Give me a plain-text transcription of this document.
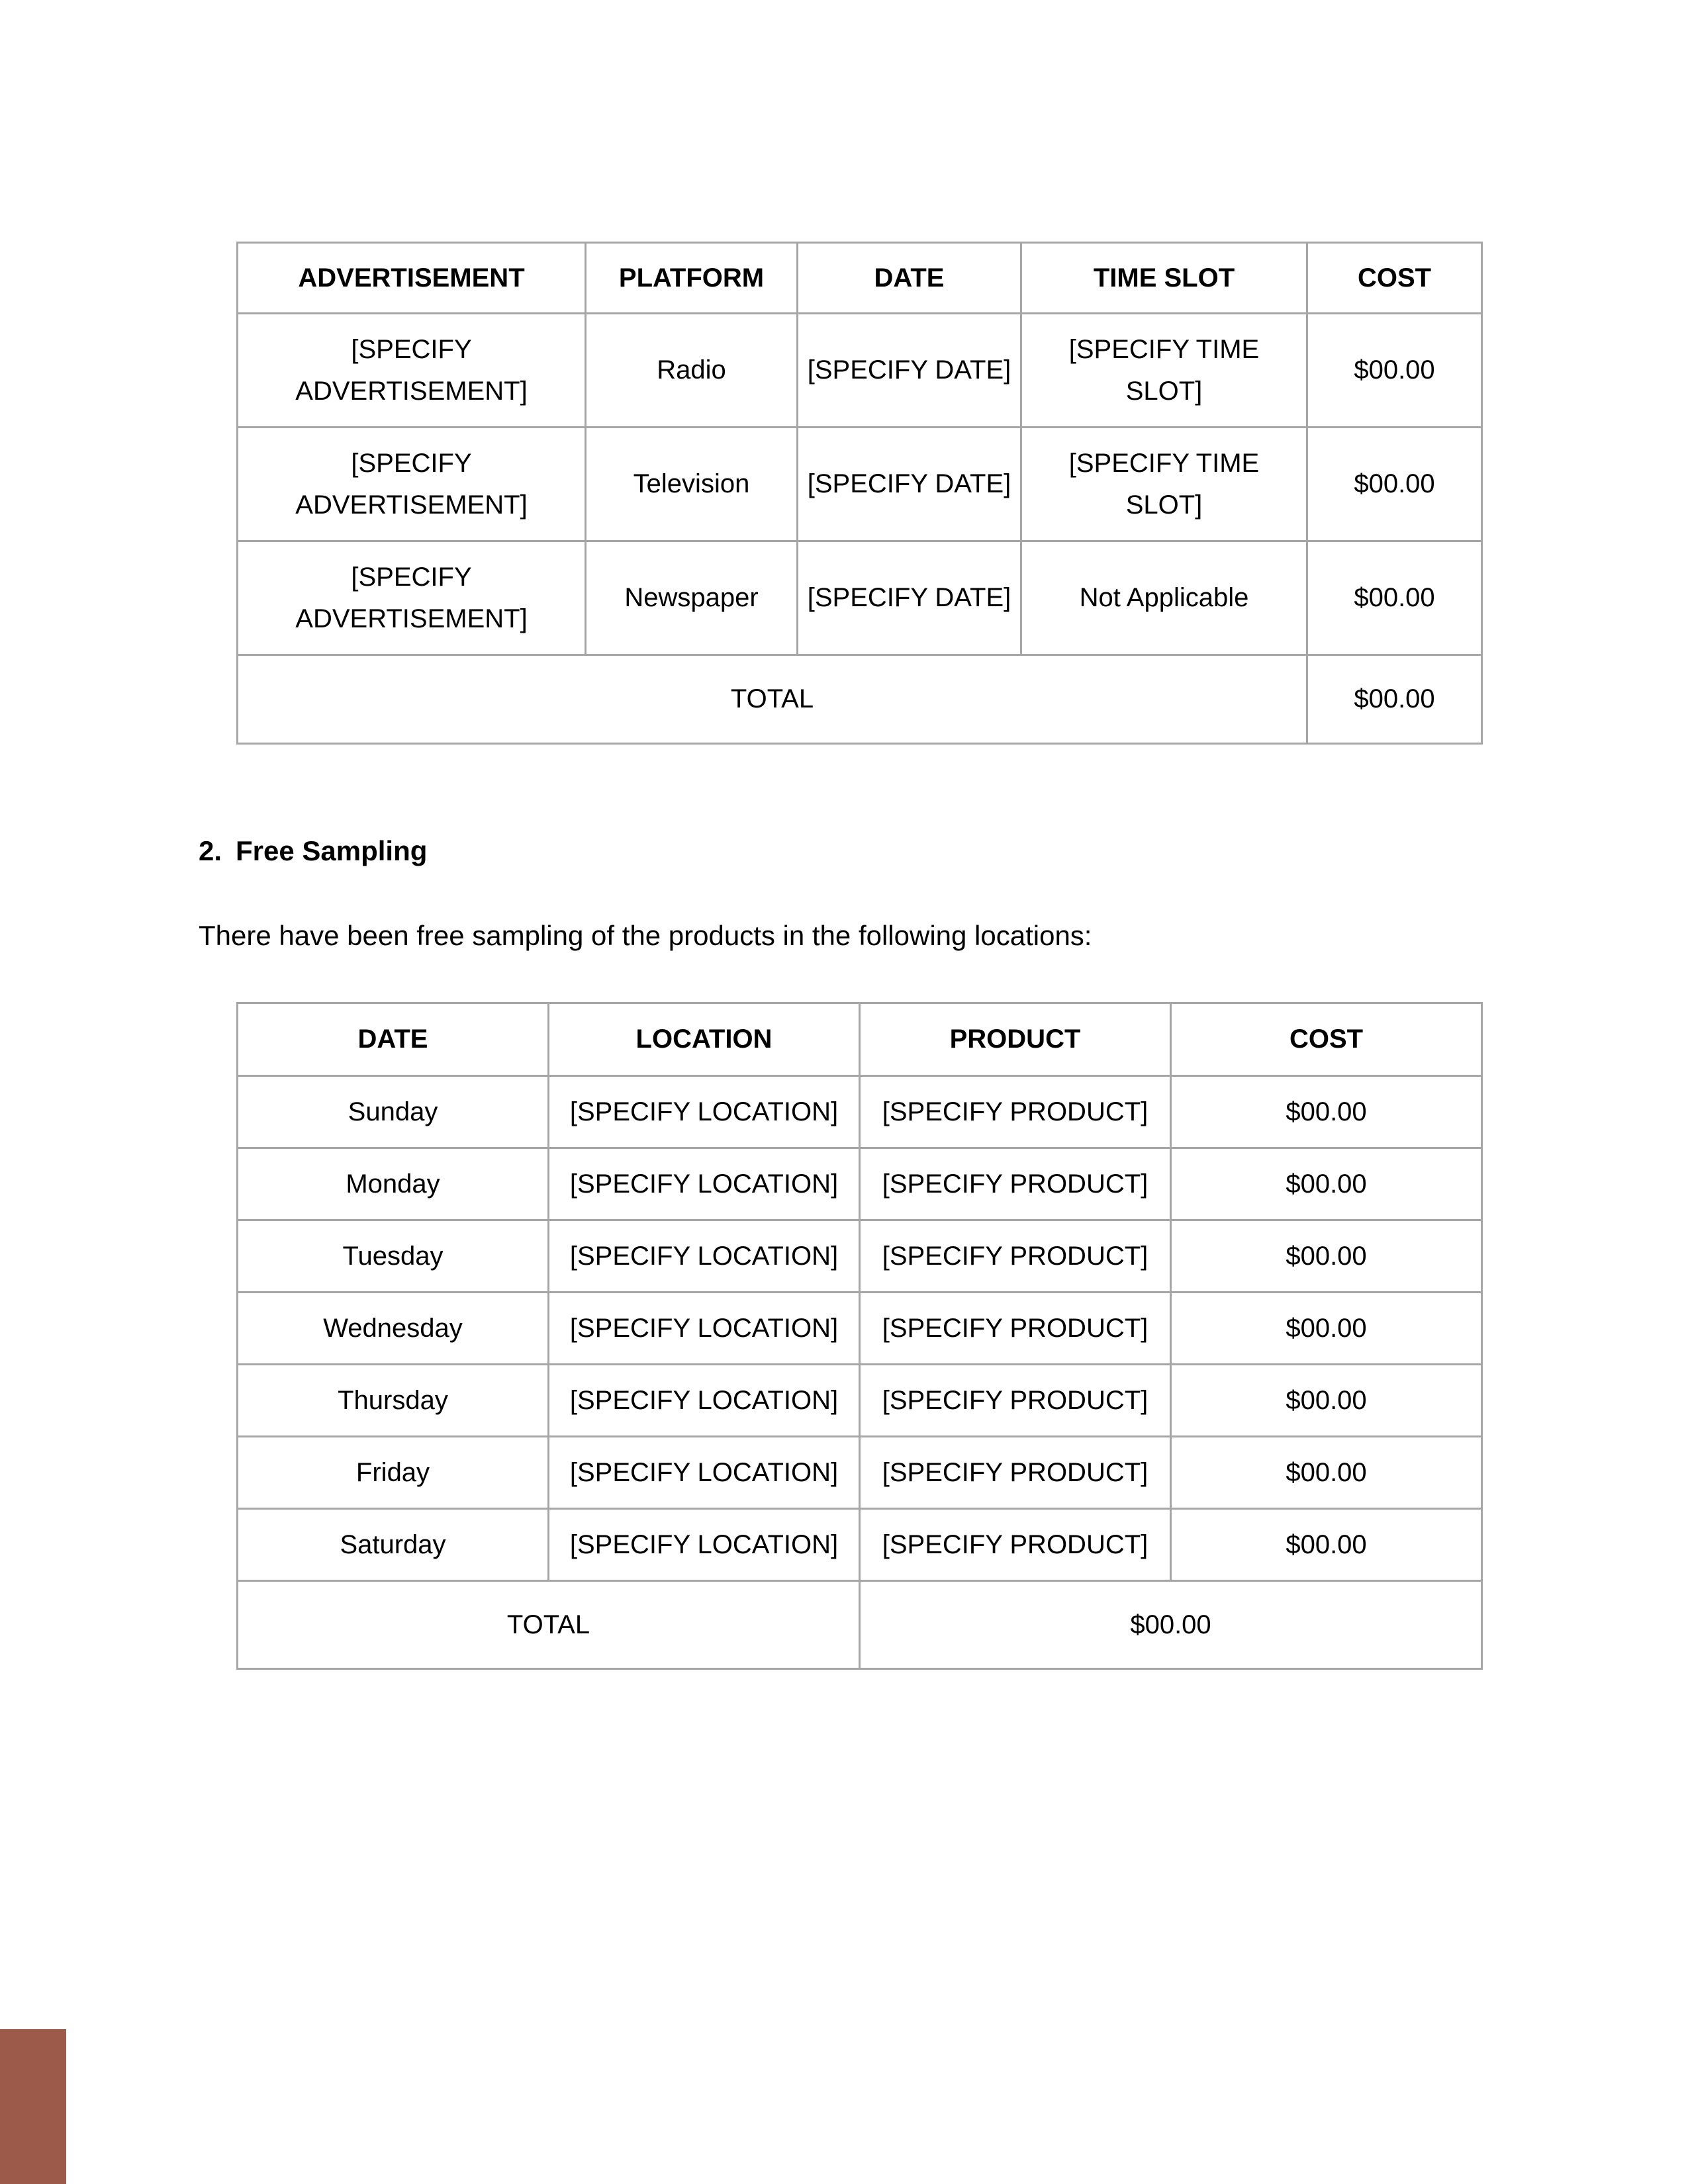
ADVERTISEMENT	PLATFORM	DATE	TIME SLOT	COST
[SPECIFY ADVERTISEMENT]	Radio	[SPECIFY DATE]	[SPECIFY TIME SLOT]	$00.00
[SPECIFY ADVERTISEMENT]	Television	[SPECIFY DATE]	[SPECIFY TIME SLOT]	$00.00
[SPECIFY ADVERTISEMENT]	Newspaper	[SPECIFY DATE]	Not Applicable	$00.00
TOTAL				$00.00
2. Free Sampling
There have been free sampling of the products in the following locations:
DATE	LOCATION	PRODUCT	COST
Sunday	[SPECIFY LOCATION]	[SPECIFY PRODUCT]	$00.00
Monday	[SPECIFY LOCATION]	[SPECIFY PRODUCT]	$00.00
Tuesday	[SPECIFY LOCATION]	[SPECIFY PRODUCT]	$00.00
Wednesday	[SPECIFY LOCATION]	[SPECIFY PRODUCT]	$00.00
Thursday	[SPECIFY LOCATION]	[SPECIFY PRODUCT]	$00.00
Friday	[SPECIFY LOCATION]	[SPECIFY PRODUCT]	$00.00
Saturday	[SPECIFY LOCATION]	[SPECIFY PRODUCT]	$00.00
TOTAL		$00.00	
